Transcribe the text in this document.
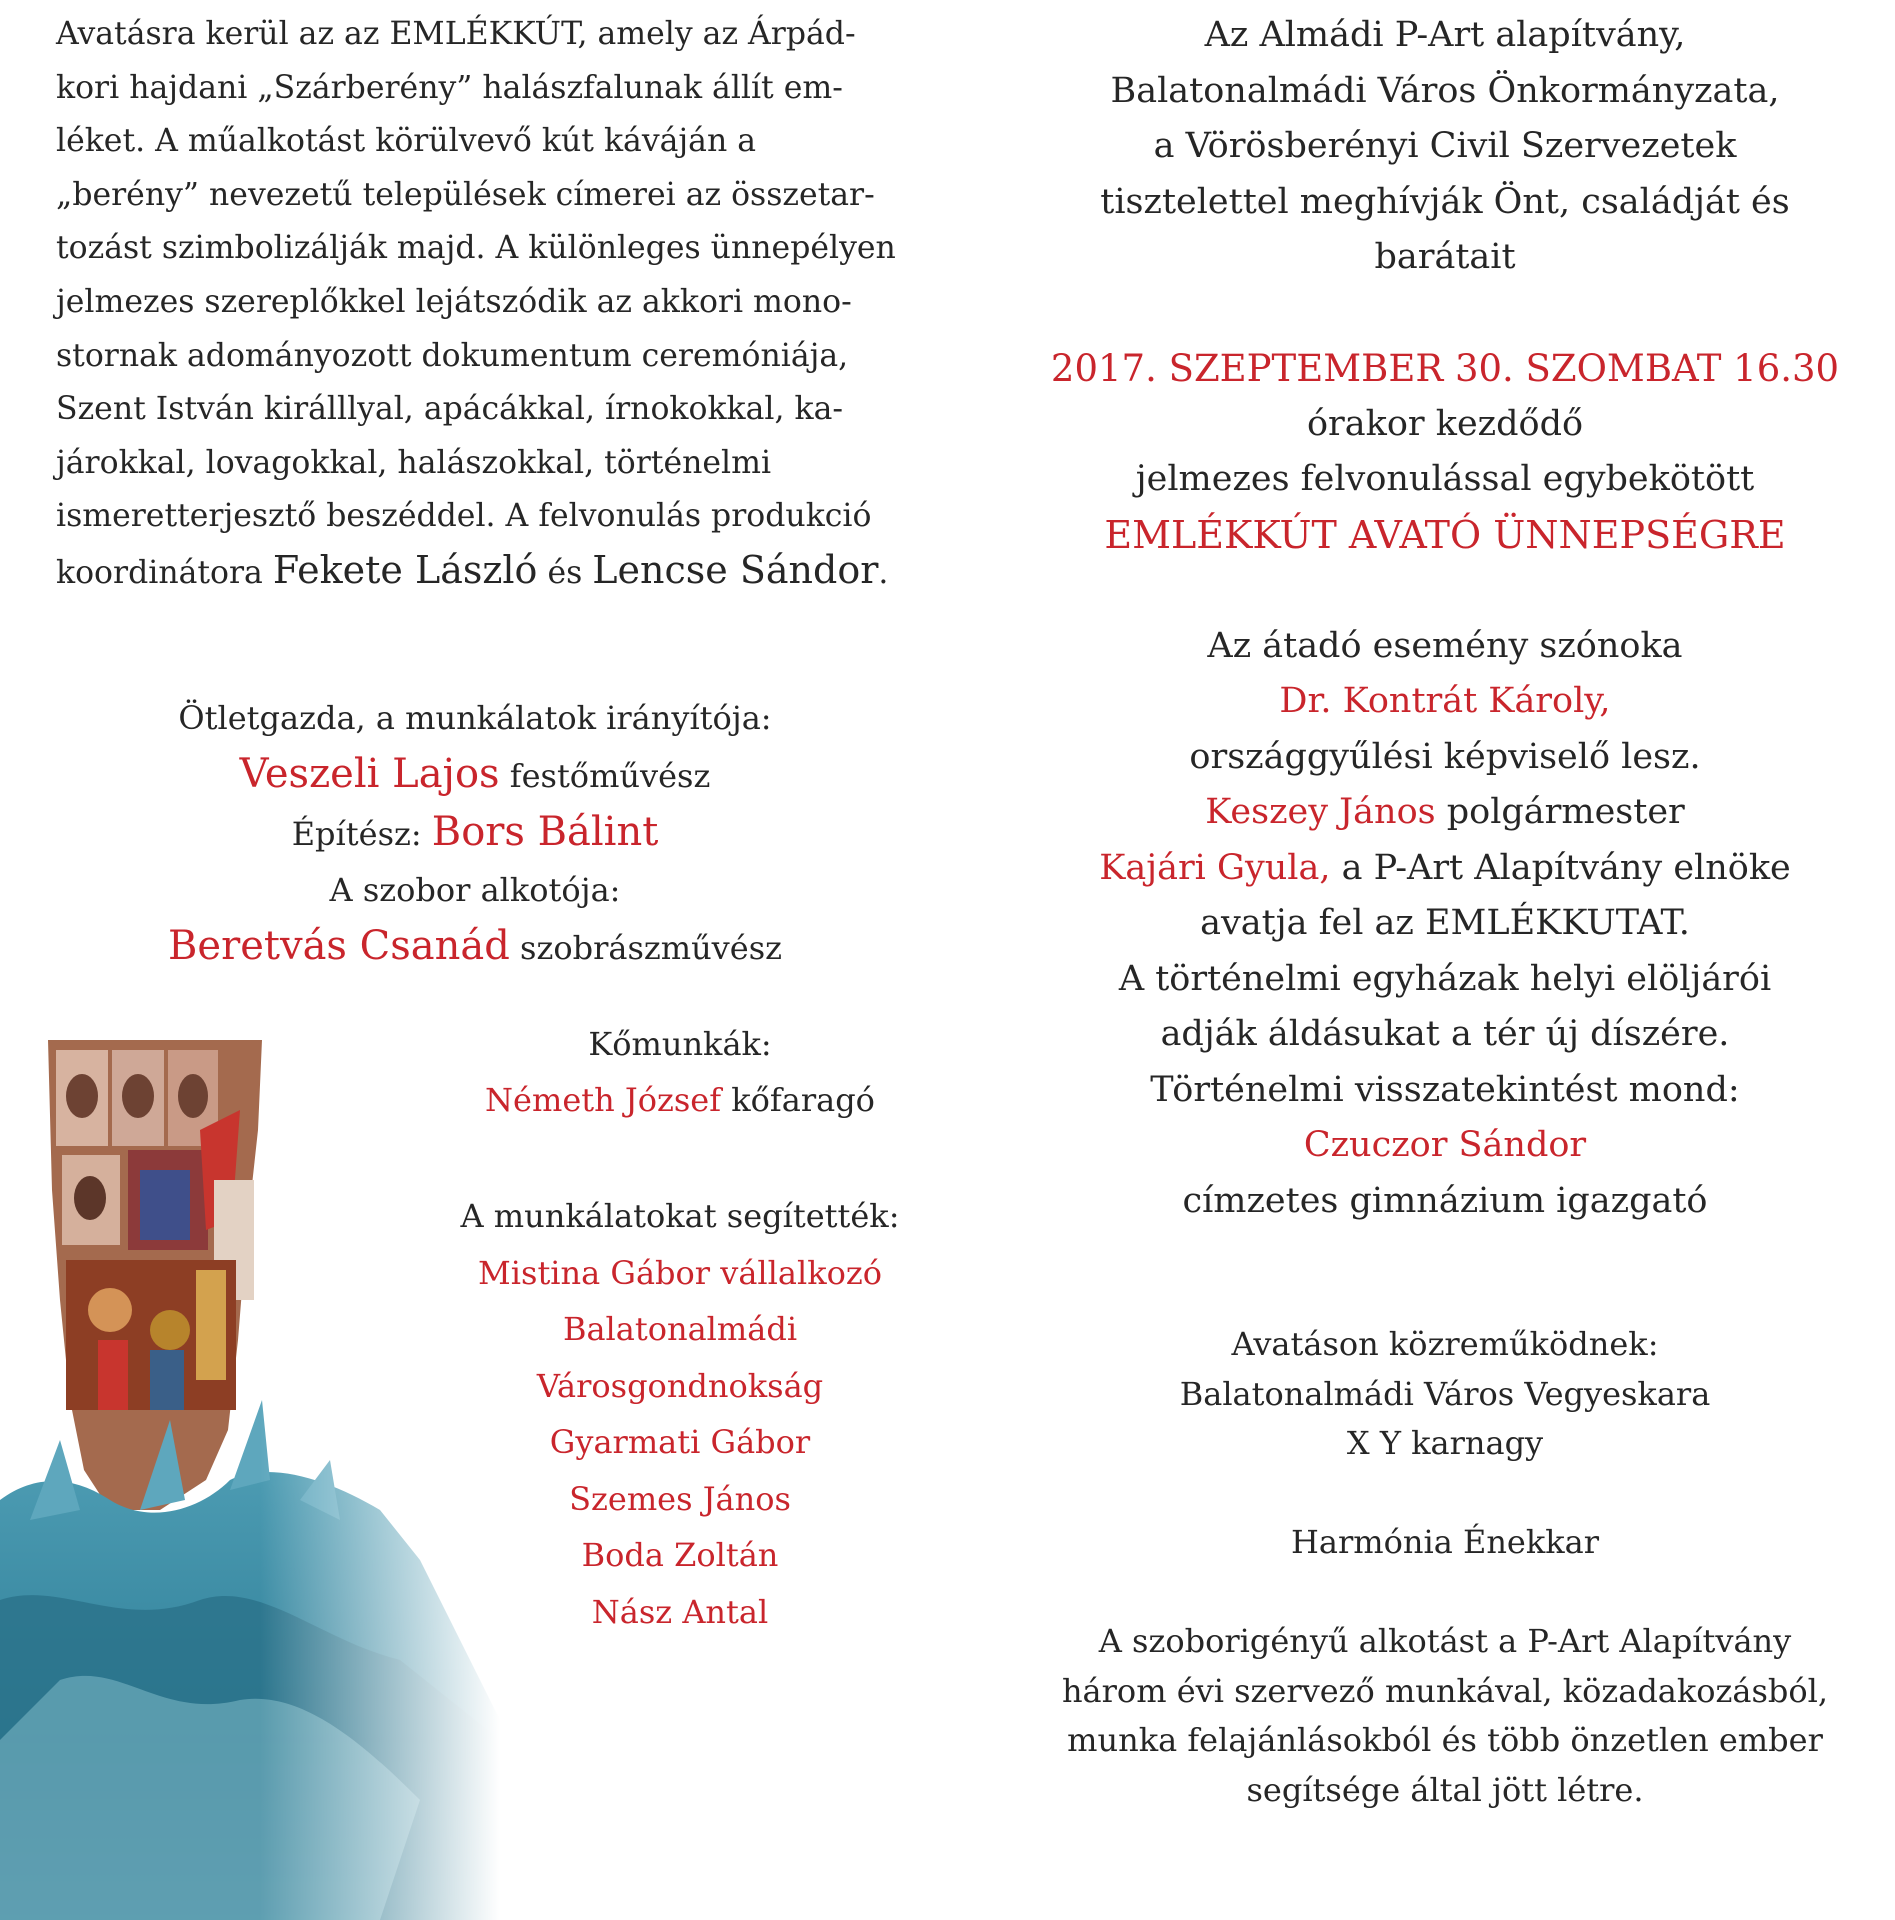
Avatásra kerül az az EMLÉKKÚT, amely az Árpád-
kori hajdani „Szárberény” halászfalunak állít em-
léket. A műalkotást körülvevő kút káváján a
„berény” nevezetű települések címerei az összetar-
tozást szimbolizálják majd. A különleges ünnepélyen
jelmezes szereplőkkel lejátszódik az akkori mono-
stornak adományozott dokumentum ceremóniája,
Szent István királllyal, apácákkal, írnokokkal, ka-
járokkal, lovagokkal, halászokkal, történelmi
ismeretterjesztő beszéddel. A felvonulás produkció
koordinátora Fekete László és Lencse Sándor.

Ötletgazda, a munkálatok irányítója:
Veszeli Lajos festőművész
Építész: Bors Bálint
A szobor alkotója:
Beretvás Csanád szobrászművész
Kőmunkák:
Németh József kőfaragó
A munkálatokat segítették:
Mistina Gábor vállalkozó
Balatonalmádi
Városgondnokság
Gyarmati Gábor
Szemes János
Boda Zoltán
Nász Antal
Az Almádi P-Art alapítvány,
Balatonalmádi Város Önkormányzata,
a Vörösberényi Civil Szervezetek
tisztelettel meghívják Önt, családját és
barátait
2017. SZEPTEMBER 30. SZOMBAT 16.30
órakor kezdődő
jelmezes felvonulással egybekötött
EMLÉKKÚT AVATÓ ÜNNEPSÉGRE
Az átadó esemény szónoka
Dr. Kontrát Károly,
országgyűlési képviselő lesz.
Keszey János polgármester
Kajári Gyula, a P-Art Alapítvány elnöke
avatja fel az EMLÉKKUTAT.
A történelmi egyházak helyi elöljárói
adják áldásukat a tér új díszére.
Történelmi visszatekintést mond:
Czuczor Sándor
címzetes gimnázium igazgató
Avatáson közreműködnek:
Balatonalmádi Város Vegyeskara
X Y karnagy
Harmónia Énekkar
A szoborigényű alkotást a P-Art Alapítvány
három évi szervező munkával, közadakozásból,
munka felajánlásokból és több önzetlen ember
segítsége által jött létre.
